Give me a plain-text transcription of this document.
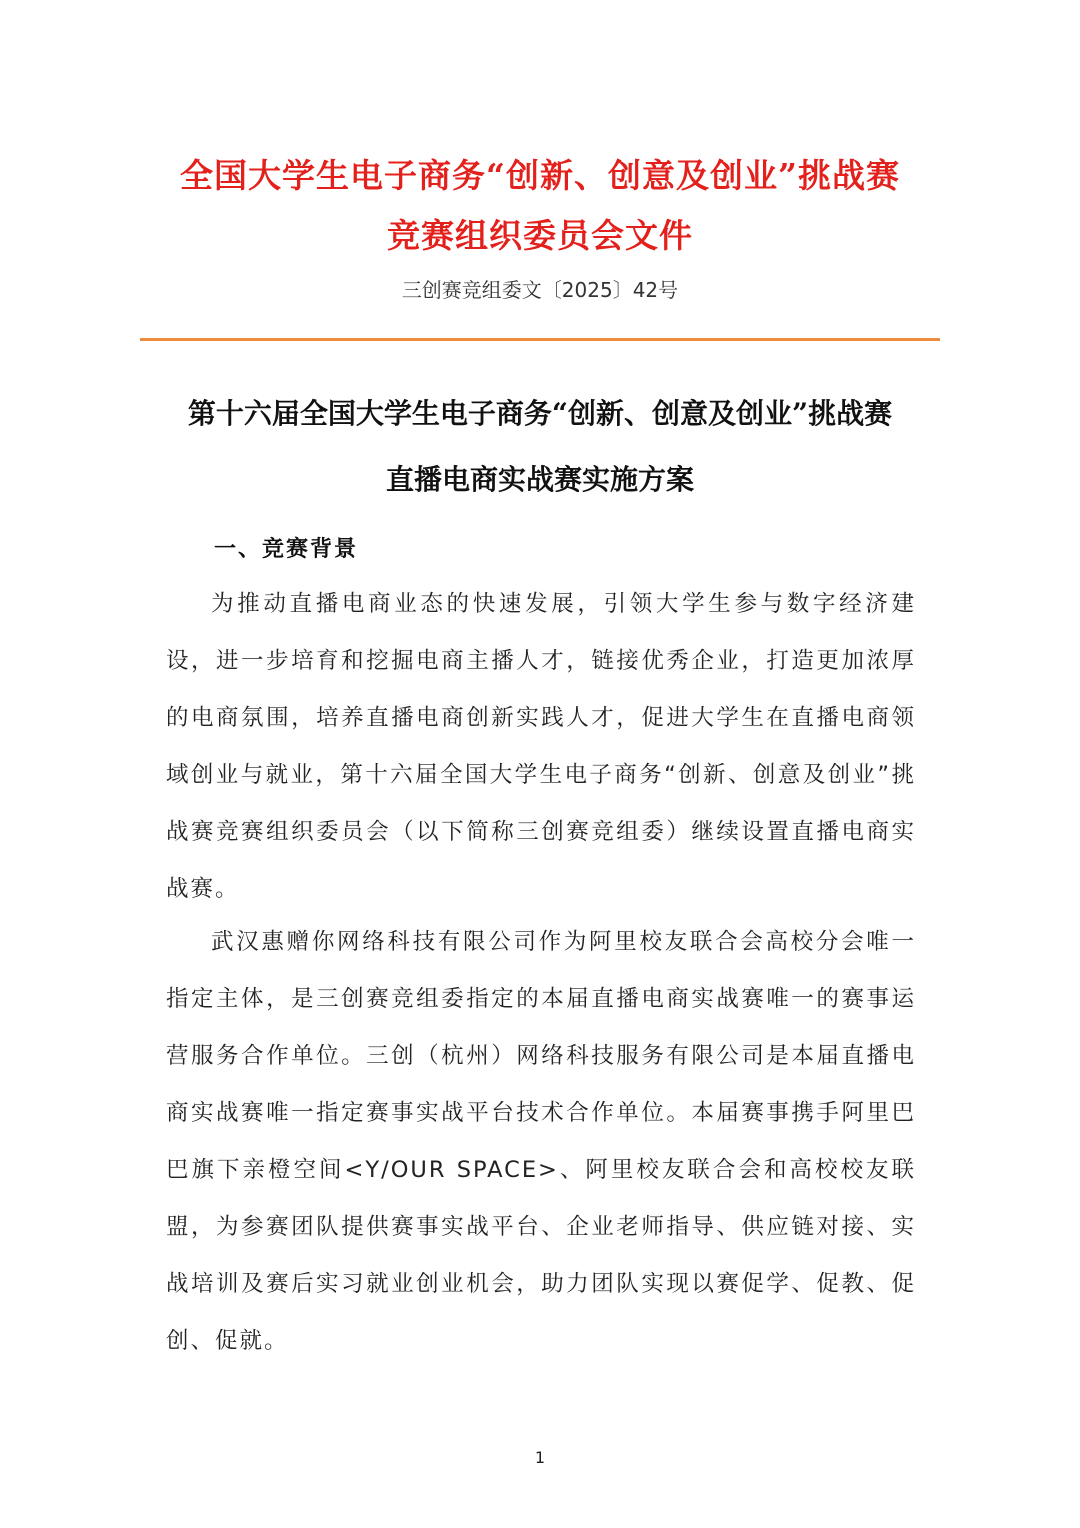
全国大学生电子商务“创新、创意及创业”挑战赛
竞赛组织委员会文件
三创赛竞组委文〔2025〕42号
第十六届全国大学生电子商务“创新、创意及创业”挑战赛
直播电商实战赛实施方案
一、竞赛背景

为推动直播电商业态的快速发展，引领大学生参与数字经济建设，进一步培育和挖掘电商主播人才，链接优秀企业，打造更加浓厚的电商氛围，培养直播电商创新实践人才，促进大学生在直播电商领域创业与就业，第十六届全国大学生电子商务“创新、创意及创业”挑战赛竞赛组织委员会（以下简称三创赛竞组委）继续设置直播电商实战赛。

武汉惠赠你网络科技有限公司作为阿里校友联合会高校分会唯一指定主体，是三创赛竞组委指定的本届直播电商实战赛唯一的赛事运营服务合作单位。三创（杭州）网络科技服务有限公司是本届直播电商实战赛唯一指定赛事实战平台技术合作单位。本届赛事携手阿里巴巴旗下亲橙空间<Y/OUR SPACE>、阿里校友联合会和高校校友联盟，为参赛团队提供赛事实战平台、企业老师指导、供应链对接、实战培训及赛后实习就业创业机会，助力团队实现以赛促学、促教、促创、促就。

1
